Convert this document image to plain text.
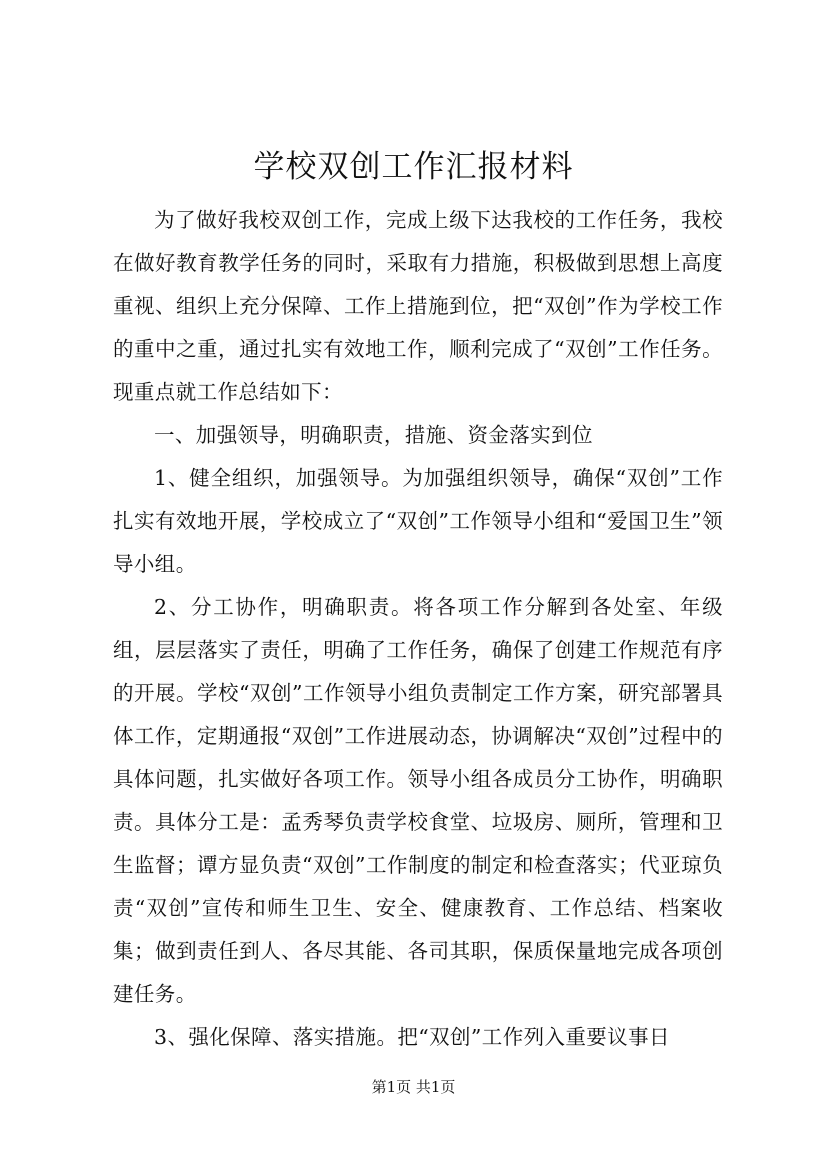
学校双创工作汇报材料

为了做好我校双创工作，完成上级下达我校的工作任务，我校在做好教育教学任务的同时，采取有力措施，积极做到思想上高度重视、组织上充分保障、工作上措施到位，把“双创”作为学校工作的重中之重，通过扎实有效地工作，顺利完成了“双创”工作任务。现重点就工作总结如下：

一、加强领导，明确职责，措施、资金落实到位

1、健全组织，加强领导。为加强组织领导，确保“双创”工作扎实有效地开展，学校成立了“双创”工作领导小组和“爱国卫生”领导小组。

2、分工协作，明确职责。将各项工作分解到各处室、年级组，层层落实了责任，明确了工作任务，确保了创建工作规范有序的开展。学校“双创”工作领导小组负责制定工作方案，研究部署具体工作，定期通报“双创”工作进展动态，协调解决“双创”过程中的具体问题，扎实做好各项工作。领导小组各成员分工协作，明确职责。具体分工是：孟秀琴负责学校食堂、垃圾房、厕所，管理和卫生监督；谭方显负责“双创”工作制度的制定和检查落实；代亚琼负责“双创”宣传和师生卫生、安全、健康教育、工作总结、档案收集；做到责任到人、各尽其能、各司其职，保质保量地完成各项创建任务。

3、强化保障、落实措施。把“双创”工作列入重要议事日

第1页 共1页
